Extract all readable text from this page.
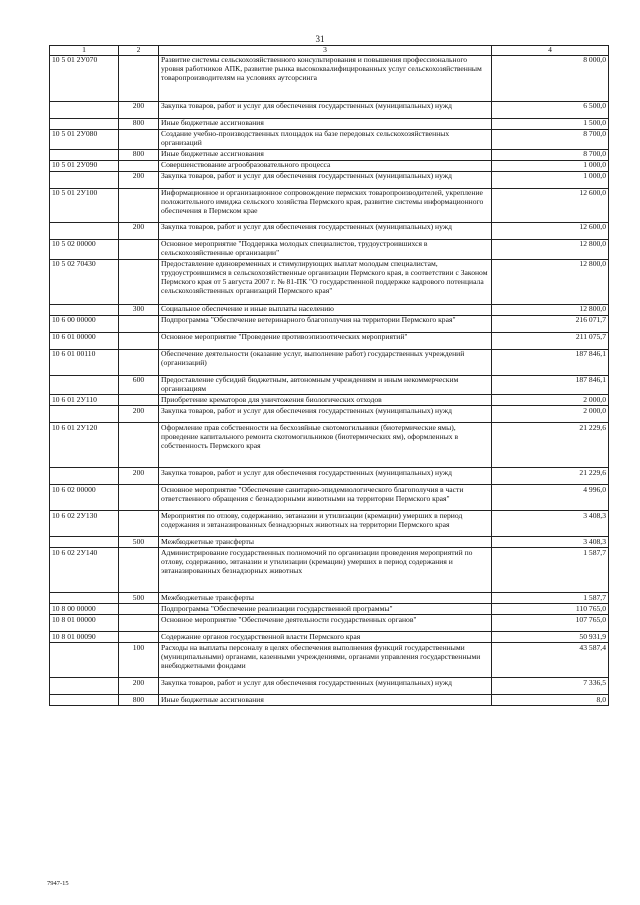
31
1	2	3	4
10 5 01 2У070		Развитие системы сельскохозяйственного консультирования и повышения профессионального уровня работников АПК, развитие рынка высококвалифицированных услуг сельскохозяйственным товаропроизводителям на условиях аутсорсинга	8 000,0
	200	Закупка товаров, работ и услуг для обеспечения государственных (муниципальных) нужд	6 500,0
	800	Иные бюджетные ассигнования	1 500,0
10 5 01 2У080		Создание учебно-производственных площадок на базе передовых сельскохозяйственных организаций	8 700,0
	800	Иные бюджетные ассигнования	8 700,0
10 5 01 2У090		Совершенствование агрообразовательного процесса	1 000,0
	200	Закупка товаров, работ и услуг для обеспечения государственных (муниципальных) нужд	1 000,0
10 5 01 2У100		Информационное и организационное сопровождение пермских товаропроизводителей, укрепление положительного имиджа сельского хозяйства Пермского края, развитие системы информационного обеспечения в Пермском крае	12 600,0
	200	Закупка товаров, работ и услуг для обеспечения государственных (муниципальных) нужд	12 600,0
10 5 02 00000		Основное мероприятие "Поддержка молодых специалистов, трудоустроившихся в сельскохозяйственные организации"	12 800,0
10 5 02 70430		Предоставление единовременных и стимулирующих выплат молодым специалистам, трудоустроившимся в сельскохозяйственные организации Пермского края, в соответствии с Законом Пермского края от 5 августа 2007 г. № 81-ПК "О государственной поддержке кадрового потенциала сельскохозяйственных организаций Пермского края"	12 800,0
	300	Социальное обеспечение и иные выплаты населению	12 800,0
10 6 00 00000		Подпрограмма "Обеспечение ветеринарного благополучия на территории Пермского края"	216 071,7
10 6 01 00000		Основное мероприятие "Проведение противоэпизоотических мероприятий"	211 075,7
10 6 01 00110		Обеспечение деятельности (оказание услуг, выполнение работ) государственных учреждений (организаций)	187 846,1
	600	Предоставление субсидий бюджетным, автономным учреждениям и иным некоммерческим организациям	187 846,1
10 6 01 2У110		Приобретение крематоров для уничтожения биологических отходов	2 000,0
	200	Закупка товаров, работ и услуг для обеспечения государственных (муниципальных) нужд	2 000,0
10 6 01 2У120		Оформление прав собственности на бесхозяйные скотомогильники (биотермические ямы), проведение капитального ремонта скотомогильников (биотермических ям), оформленных в собственность Пермского края	21 229,6
	200	Закупка товаров, работ и услуг для обеспечения государственных (муниципальных) нужд	21 229,6
10 6 02 00000		Основное мероприятие "Обеспечение санитарно-эпидемиологического благополучия в части ответственного обращения с безнадзорными животными на территории Пермского края"	4 996,0
10 6 02 2У130		Мероприятия по отлову, содержанию, эвтаназии и утилизации (кремации) умерших в период содержания и эвтаназированных безнадзорных животных на территории Пермского края	3 408,3
	500	Межбюджетные трансферты	3 408,3
10 6 02 2У140		Администрирование государственных полномочий по организации проведения мероприятий по отлову, содержанию, эвтаназии и утилизации (кремации) умерших в период содержания и эвтаназированных безнадзорных животных	1 587,7
	500	Межбюджетные трансферты	1 587,7
10 8 00 00000		Подпрограмма "Обеспечение реализации государственной программы"	110 765,0
10 8 01 00000		Основное мероприятие "Обеспечение деятельности государственных органов"	107 765,0
10 8 01 00090		Содержание органов государственной власти Пермского края	50 931,9
	100	Расходы на выплаты персоналу в целях обеспечения выполнения функций государственными (муниципальными) органами, казенными учреждениями, органами управления государственными внебюджетными фондами	43 587,4
	200	Закупка товаров, работ и услуг для обеспечения государственных (муниципальных) нужд	7 336,5
	800	Иные бюджетные ассигнования	8,0
7947-15
